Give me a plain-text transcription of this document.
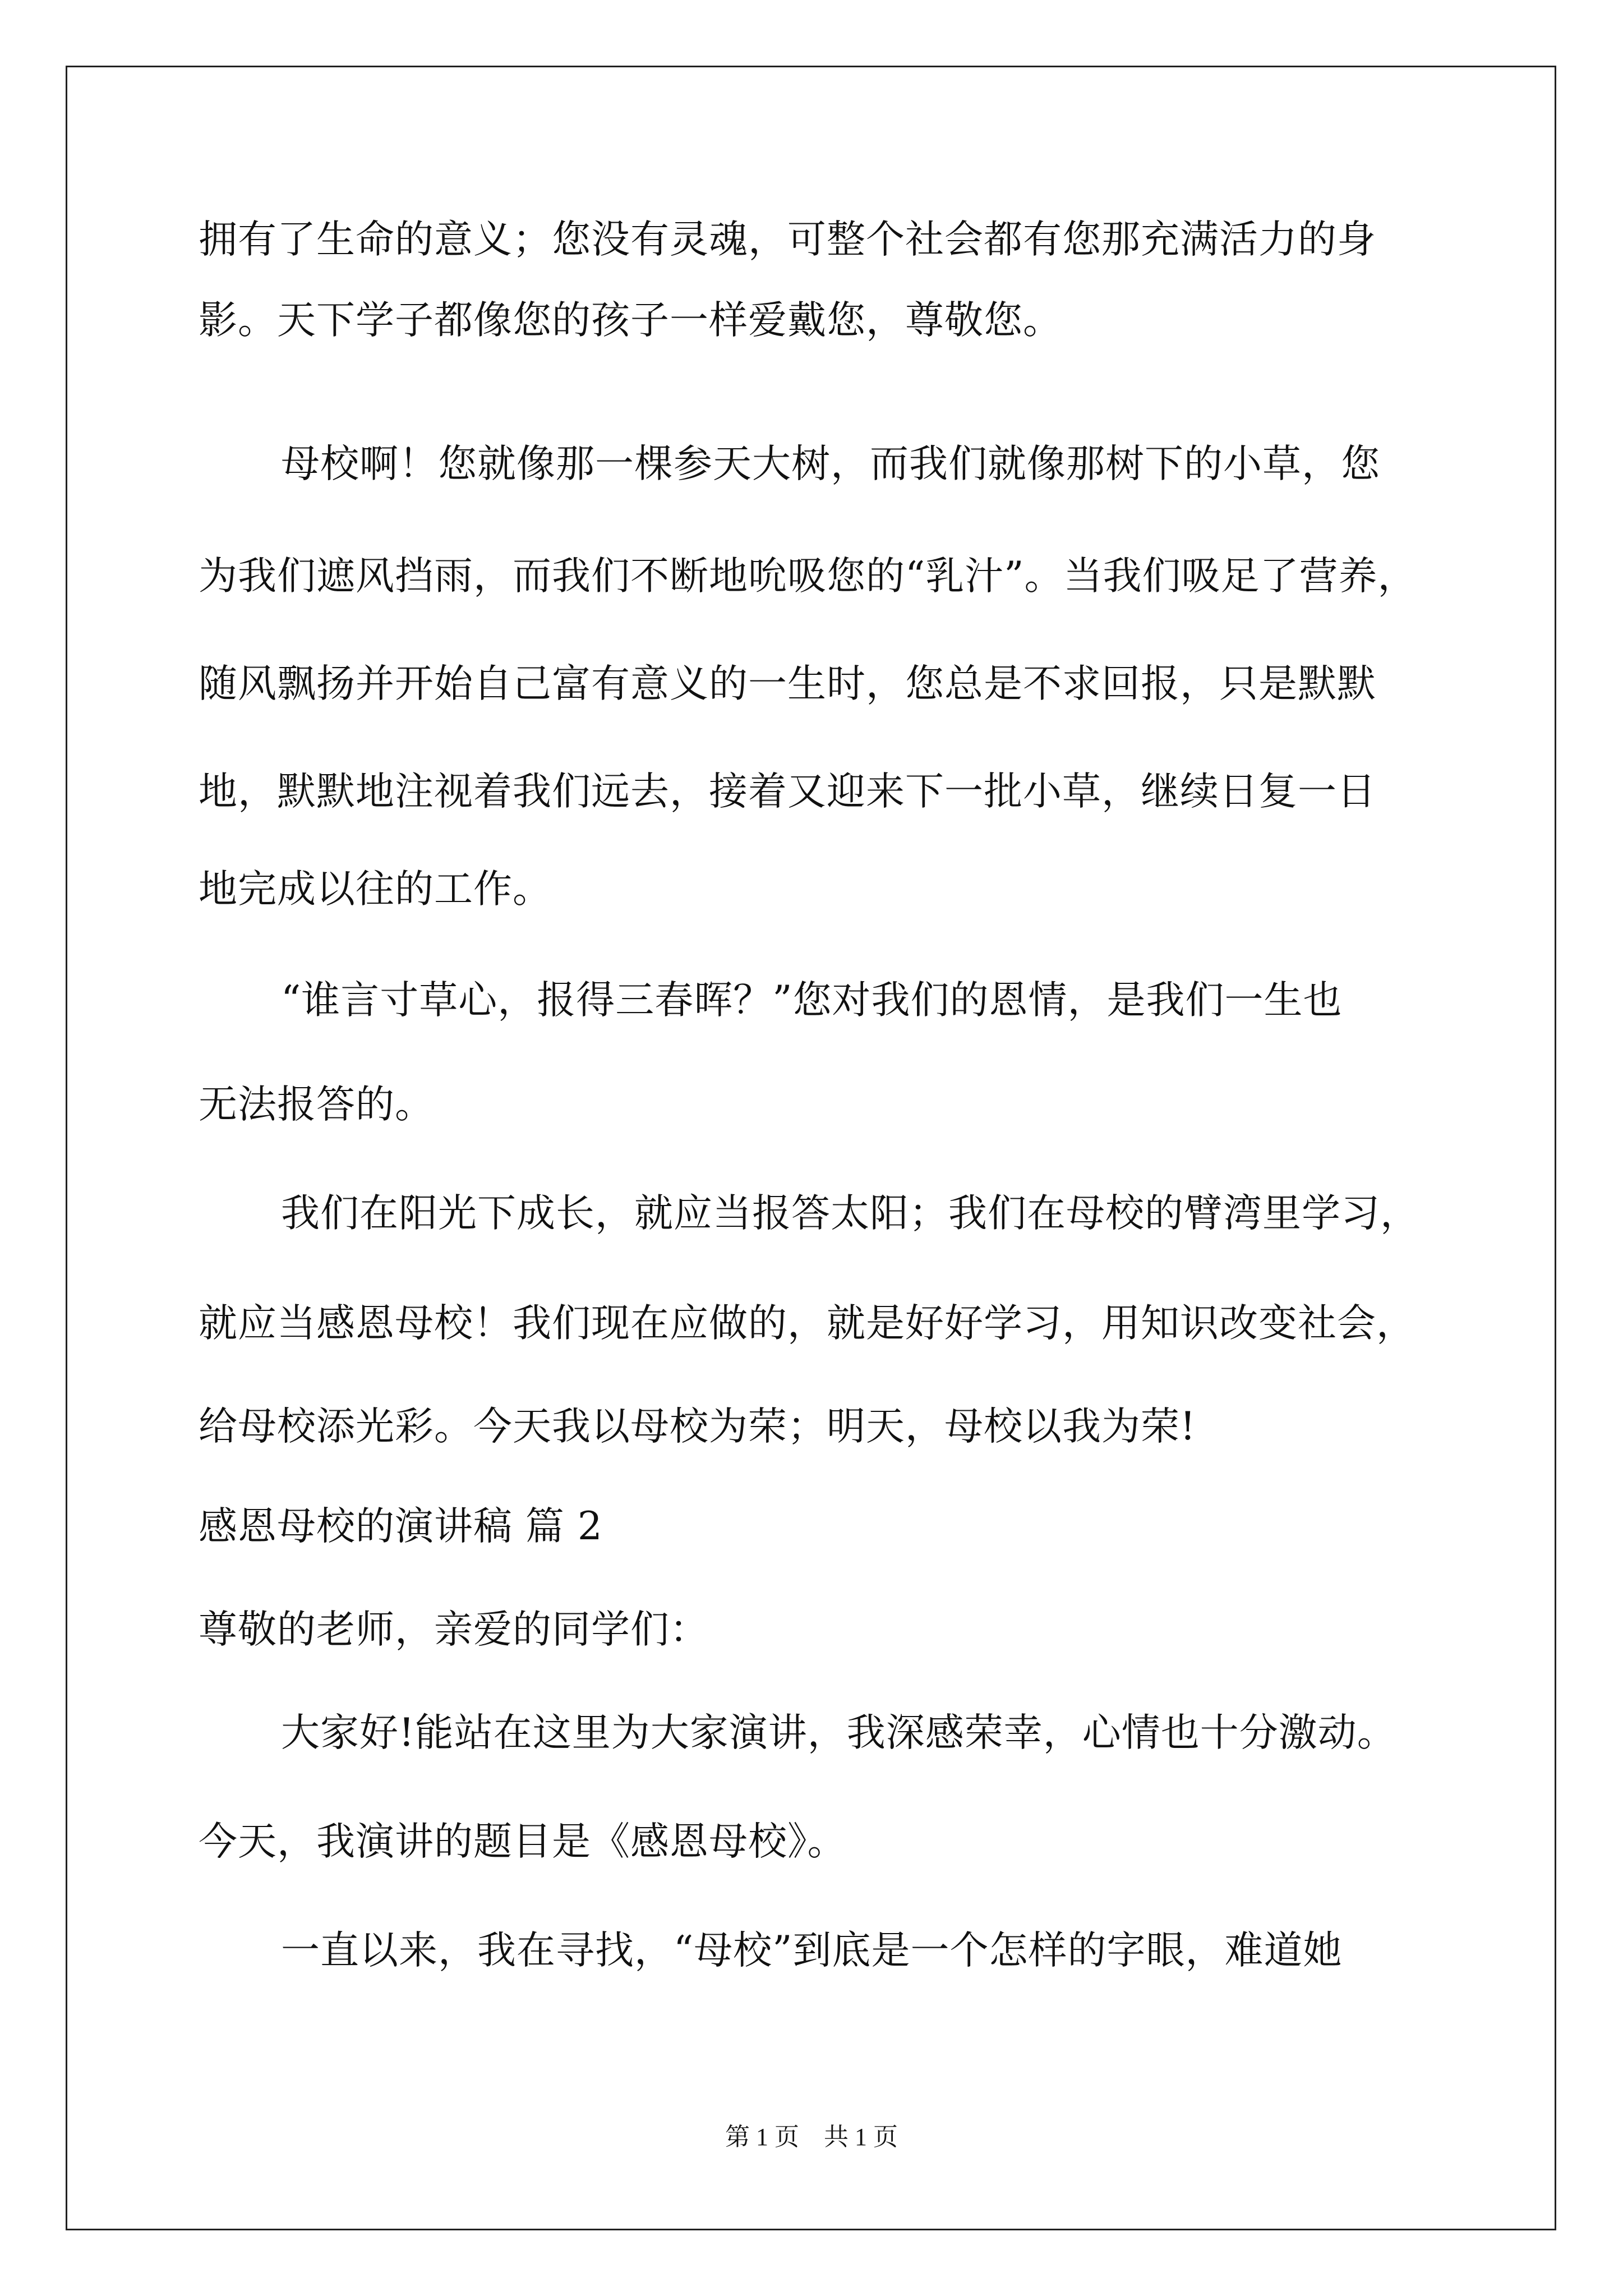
拥有了生命的意义；您没有灵魂，可整个社会都有您那充满活力的身
影。天下学子都像您的孩子一样爱戴您，尊敬您。
母校啊！您就像那一棵参天大树，而我们就像那树下的小草，您
为我们遮风挡雨，而我们不断地吮吸您的“乳汁”。当我们吸足了营养，
随风飘扬并开始自己富有意义的一生时，您总是不求回报，只是默默
地，默默地注视着我们远去，接着又迎来下一批小草，继续日复一日
地完成以往的工作。
“谁言寸草心，报得三春晖？”您对我们的恩情，是我们一生也
无法报答的。
我们在阳光下成长，就应当报答太阳；我们在母校的臂湾里学习，
就应当感恩母校！我们现在应做的，就是好好学习，用知识改变社会，
给母校添光彩。今天我以母校为荣；明天，母校以我为荣!
感恩母校的演讲稿 篇 2
尊敬的老师，亲爱的同学们：
大家好!能站在这里为大家演讲，我深感荣幸，心情也十分激动。
今天，我演讲的题目是《感恩母校》。
一直以来，我在寻找，“母校”到底是一个怎样的字眼，难道她
第 1 页　共 1 页
